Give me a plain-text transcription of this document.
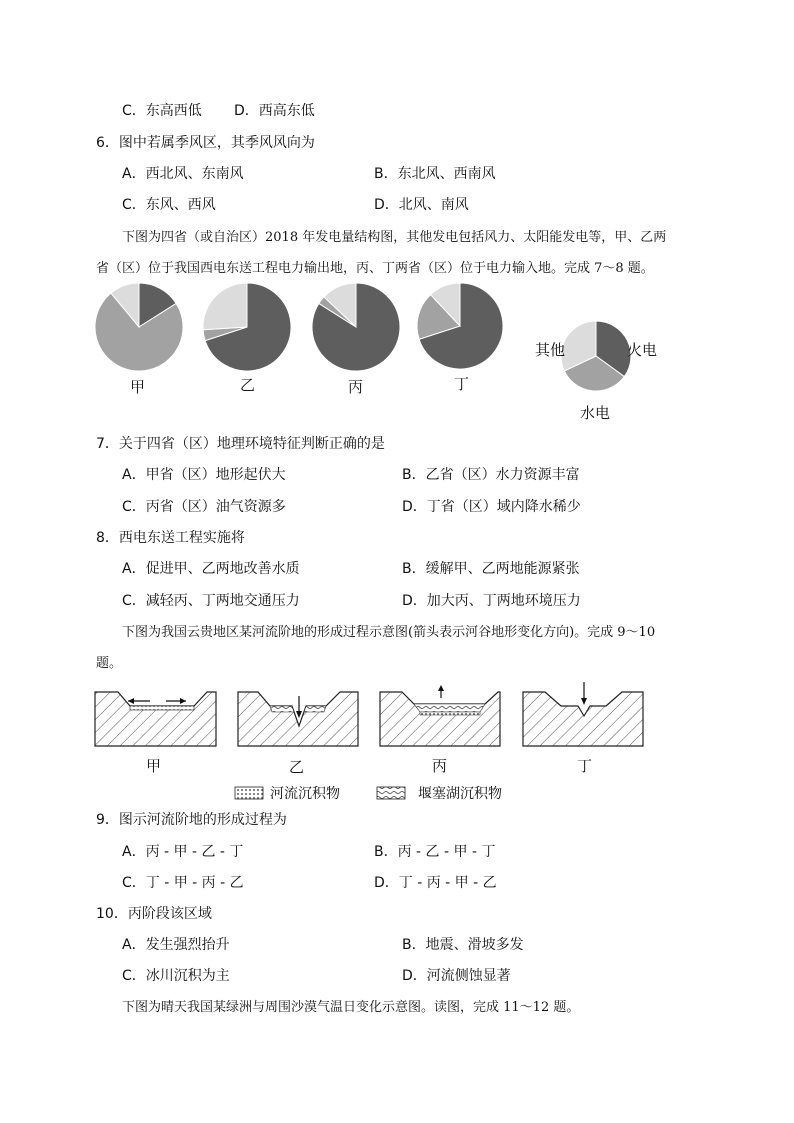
C．东高西低 D．西高东低
6．图中若属季风区，其季风风向为
A．西北风、东南风	B．东北风、西南风
C．东风、西风	D．北风、南风
下图为四省（或自治区）2018 年发电量结构图，其他发电包括风力、太阳能发电等，甲、乙两
省（区）位于我国西电东送工程电力输出地，丙、丁两省（区）位于电力输入地。完成 7～8 题。
甲	乙	丙	丁
其他	火电
水电
7．关于四省（区）地理环境特征判断正确的是
A．甲省（区）地形起伏大	B．乙省（区）水力资源丰富
C．丙省（区）油气资源多	D．丁省（区）域内降水稀少
8．西电东送工程实施将
A．促进甲、乙两地改善水质	B．缓解甲、乙两地能源紧张
C．减轻丙、丁两地交通压力	D．加大丙、丁两地环境压力
下图为我国云贵地区某河流阶地的形成过程示意图(箭头表示河谷地形变化方向)。完成 9～10
题。
甲	乙	丙	丁
河流沉积物	堰塞湖沉积物
9．图示河流阶地的形成过程为
A．丙 - 甲 - 乙 - 丁	B．丙 - 乙 - 甲 - 丁
C．丁 - 甲 - 丙 - 乙	D．丁 - 丙 - 甲 - 乙
10．丙阶段该区域
A．发生强烈抬升	B．地震、滑坡多发
C．冰川沉积为主	D．河流侧蚀显著
下图为晴天我国某绿洲与周围沙漠气温日变化示意图。读图，完成 11～12 题。
